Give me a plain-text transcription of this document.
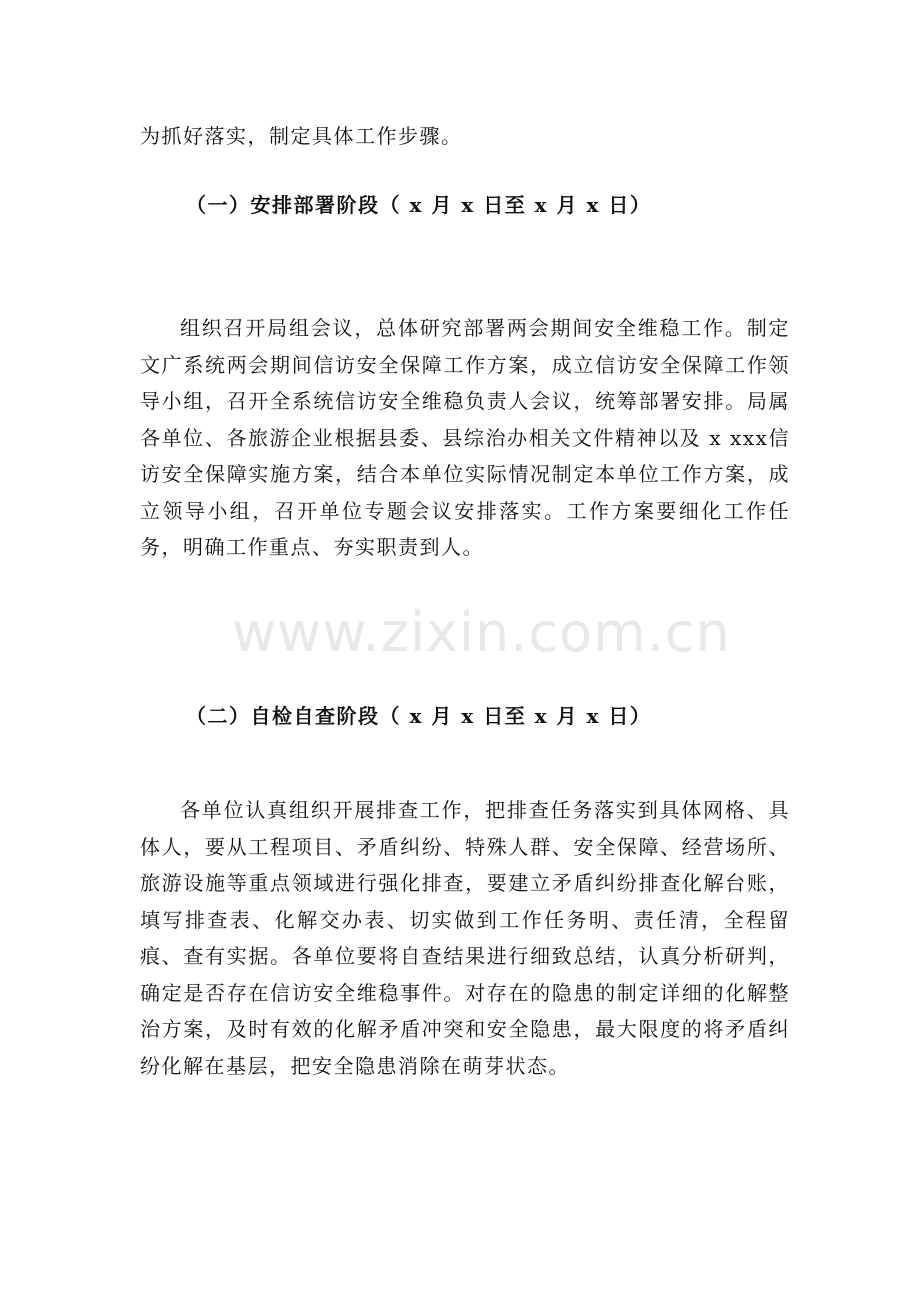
为抓好落实，制定具体工作步骤。
（一）安排部署阶段（ x 月 x 日至 x 月 x 日）
组织召开局组会议，总体研究部署两会期间安全维稳工作。制定文广系统两会期间信访安全保障工作方案，成立信访安全保障工作领导小组，召开全系统信访安全维稳负责人会议，统筹部署安排。局属各单位、各旅游企业根据县委、县综治办相关文件精神以及 x xxx信访安全保障实施方案，结合本单位实际情况制定本单位工作方案，成立领导小组，召开单位专题会议安排落实。工作方案要细化工作任务，明确工作重点、夯实职责到人。
（二）自检自查阶段（ x 月 x 日至 x 月 x 日）
各单位认真组织开展排查工作，把排查任务落实到具体网格、具体人，要从工程项目、矛盾纠纷、特殊人群、安全保障、经营场所、旅游设施等重点领域进行强化排查，要建立矛盾纠纷排查化解台账，填写排查表、化解交办表、切实做到工作任务明、责任清，全程留痕、查有实据。各单位要将自查结果进行细致总结，认真分析研判，确定是否存在信访安全维稳事件。对存在的隐患的制定详细的化解整治方案，及时有效的化解矛盾冲突和安全隐患，最大限度的将矛盾纠纷化解在基层，把安全隐患消除在萌芽状态。
www.zixin.com.cn
